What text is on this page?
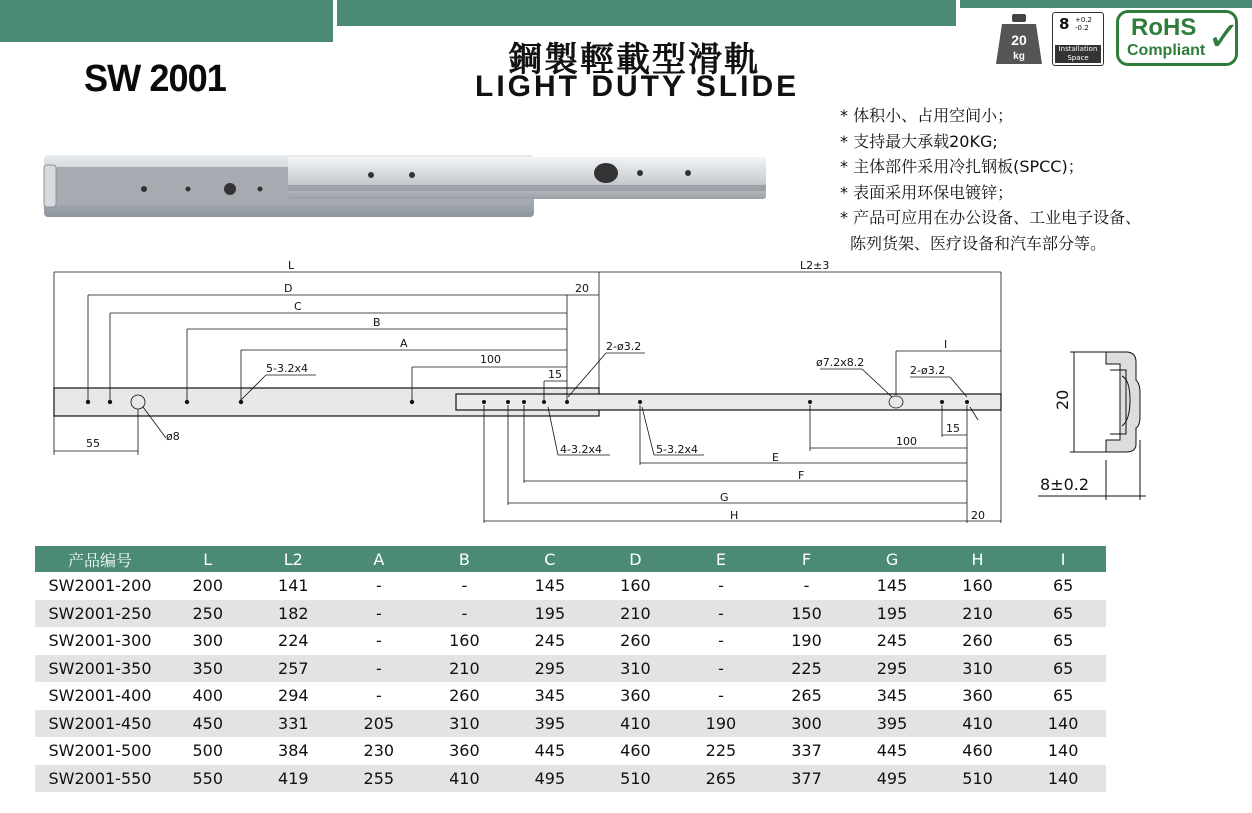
SW 2001	鋼製輕載型滑軌
LIGHT DUTY SLIDE
20
kg
8 +0.2
-0.2
Installation
Space
RoHS
Compliant ✓
* 体积小、占用空间小；
* 支持最大承载20KG;
* 主体部件采用冷扎钢板(SPCC)；
* 表面采用环保电镀锌；
* 产品可应用在办公设备、工业电子设备、
陈列货架、医疗设备和汽车部分等。
L	L2±3
D	20
C
B
A
100
15
55
5-3.2x4
2-ø3.2
ø8
4-3.2x4	5-3.2x4
ø7.2x8.2
2-ø3.2
I
100
15
E
F
G
H	20
20
8±0.2
产品编号	L	L2	A	B	C	D	E	F	G	H	I
SW2001-200	200	141	-	-	145	160	-	-	145	160	65
SW2001-250	250	182	-	-	195	210	-	150	195	210	65
SW2001-300	300	224	-	160	245	260	-	190	245	260	65
SW2001-350	350	257	-	210	295	310	-	225	295	310	65
SW2001-400	400	294	-	260	345	360	-	265	345	360	65
SW2001-450	450	331	205	310	395	410	190	300	395	410	140
SW2001-500	500	384	230	360	445	460	225	337	445	460	140
SW2001-550	550	419	255	410	495	510	265	377	495	510	140
